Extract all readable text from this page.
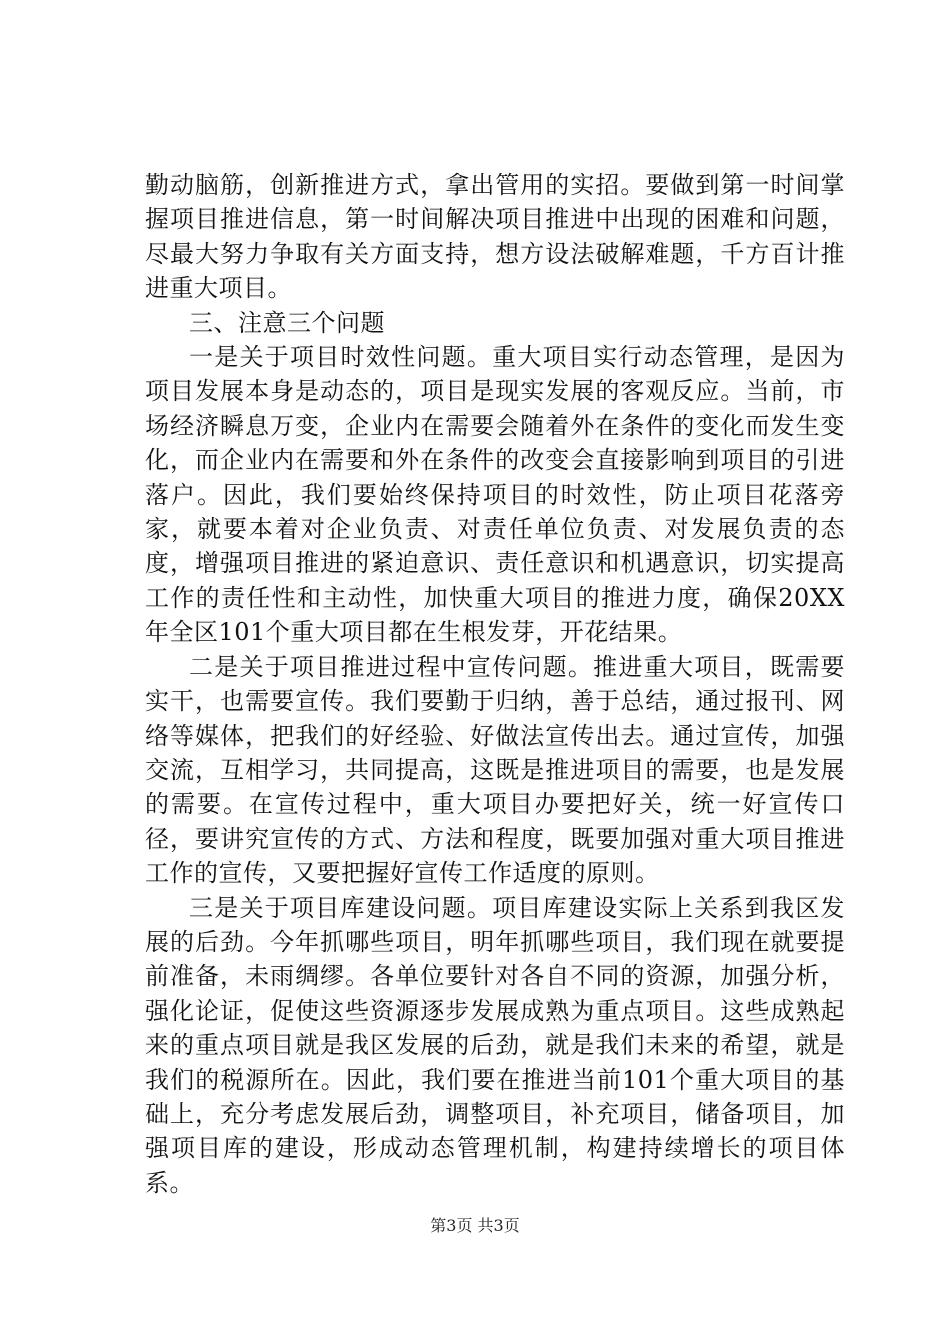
勤动脑筋，创新推进方式，拿出管用的实招。要做到第一时间掌握项目推进信息，第一时间解决项目推进中出现的困难和问题，尽最大努力争取有关方面支持，想方设法破解难题，千方百计推进重大项目。

三、注意三个问题

一是关于项目时效性问题。重大项目实行动态管理，是因为项目发展本身是动态的，项目是现实发展的客观反应。当前，市场经济瞬息万变，企业内在需要会随着外在条件的变化而发生变化，而企业内在需要和外在条件的改变会直接影响到项目的引进落户。因此，我们要始终保持项目的时效性，防止项目花落旁家，就要本着对企业负责、对责任单位负责、对发展负责的态度，增强项目推进的紧迫意识、责任意识和机遇意识，切实提高工作的责任性和主动性，加快重大项目的推进力度，确保20XX年全区101个重大项目都在生根发芽，开花结果。

二是关于项目推进过程中宣传问题。推进重大项目，既需要实干，也需要宣传。我们要勤于归纳，善于总结，通过报刊、网络等媒体，把我们的好经验、好做法宣传出去。通过宣传，加强交流，互相学习，共同提高，这既是推进项目的需要，也是发展的需要。在宣传过程中，重大项目办要把好关，统一好宣传口径，要讲究宣传的方式、方法和程度，既要加强对重大项目推进工作的宣传，又要把握好宣传工作适度的原则。

三是关于项目库建设问题。项目库建设实际上关系到我区发展的后劲。今年抓哪些项目，明年抓哪些项目，我们现在就要提前准备，未雨绸缪。各单位要针对各自不同的资源，加强分析，强化论证，促使这些资源逐步发展成熟为重点项目。这些成熟起来的重点项目就是我区发展的后劲，就是我们未来的希望，就是我们的税源所在。因此，我们要在推进当前101个重大项目的基础上，充分考虑发展后劲，调整项目，补充项目，储备项目，加强项目库的建设，形成动态管理机制，构建持续增长的项目体系。

第3页 共3页
